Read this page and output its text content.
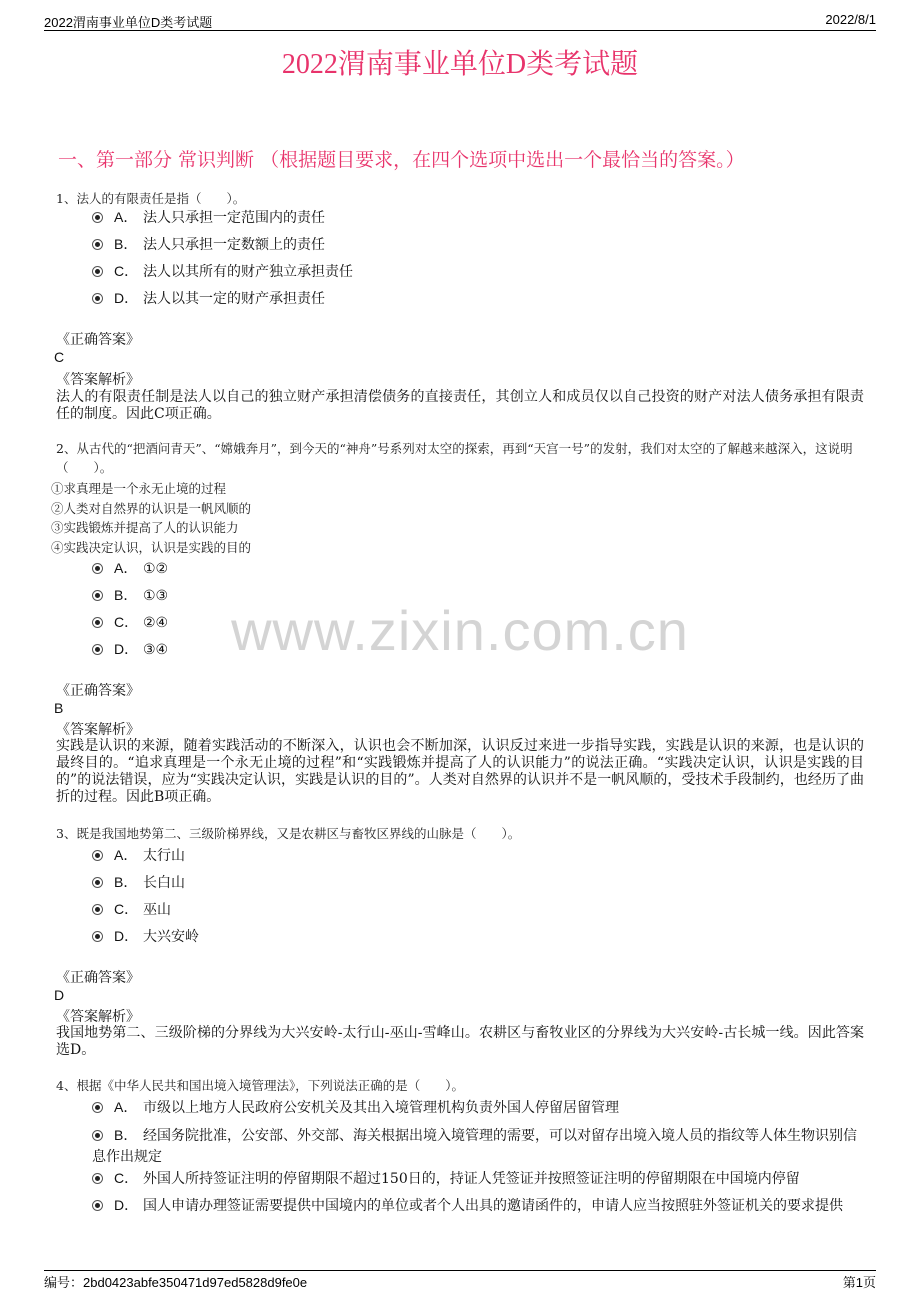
2022渭南事业单位D类考试题	2022/8/1
2022渭南事业单位D类考试题
一、第一部分 常识判断 （根据题目要求，在四个选项中选出一个最恰当的答案。）
www.zixin.com.cn
1、法人的有限责任是指（　　）。
A． 法人只承担一定范围内的责任
B． 法人只承担一定数额上的责任
C． 法人以其所有的财产独立承担责任
D． 法人以其一定的财产承担责任
《正确答案》
C
《答案解析》
法人的有限责任制是法人以自己的独立财产承担清偿债务的直接责任，其创立人和成员仅以自己投资的财产对法人债务承担有限责任的制度。因此C项正确。
2、从古代的“把酒问青天”、“嫦娥奔月”，到今天的“神舟”号系列对太空的探索，再到“天宫一号”的发射，我们对太空的了解越来越深入，这说明（　　）。
①求真理是一个永无止境的过程
②人类对自然界的认识是一帆风顺的
③实践锻炼并提高了人的认识能力
④实践决定认识，认识是实践的目的
A． ①②
B． ①③
C． ②④
D． ③④
《正确答案》
B
《答案解析》
实践是认识的来源，随着实践活动的不断深入，认识也会不断加深，认识反过来进一步指导实践，实践是认识的来源，也是认识的最终目的。“追求真理是一个永无止境的过程”和“实践锻炼并提高了人的认识能力”的说法正确。“实践决定认识，认识是实践的目的”的说法错误，应为“实践决定认识，实践是认识的目的”。人类对自然界的认识并不是一帆风顺的，受技术手段制约，也经历了曲折的过程。因此B项正确。
3、既是我国地势第二、三级阶梯界线，又是农耕区与畜牧区界线的山脉是（　　）。
A． 太行山
B． 长白山
C． 巫山
D． 大兴安岭
《正确答案》
D
《答案解析》
我国地势第二、三级阶梯的分界线为大兴安岭-太行山-巫山-雪峰山。农耕区与畜牧业区的分界线为大兴安岭-古长城一线。因此答案选D。
4、根据《中华人民共和国出境入境管理法》，下列说法正确的是（　　）。
A． 市级以上地方人民政府公安机关及其出入境管理机构负责外国人停留居留管理
B． 经国务院批准，公安部、外交部、海关根据出境入境管理的需要，可以对留存出境入境人员的指纹等人体生物识别信息作出规定
C． 外国人所持签证注明的停留期限不超过150日的，持证人凭签证并按照签证注明的停留期限在中国境内停留
D． 国人申请办理签证需要提供中国境内的单位或者个人出具的邀请函件的，申请人应当按照驻外签证机关的要求提供
编号：2bd0423abfe350471d97ed5828d9fe0e	第1页
